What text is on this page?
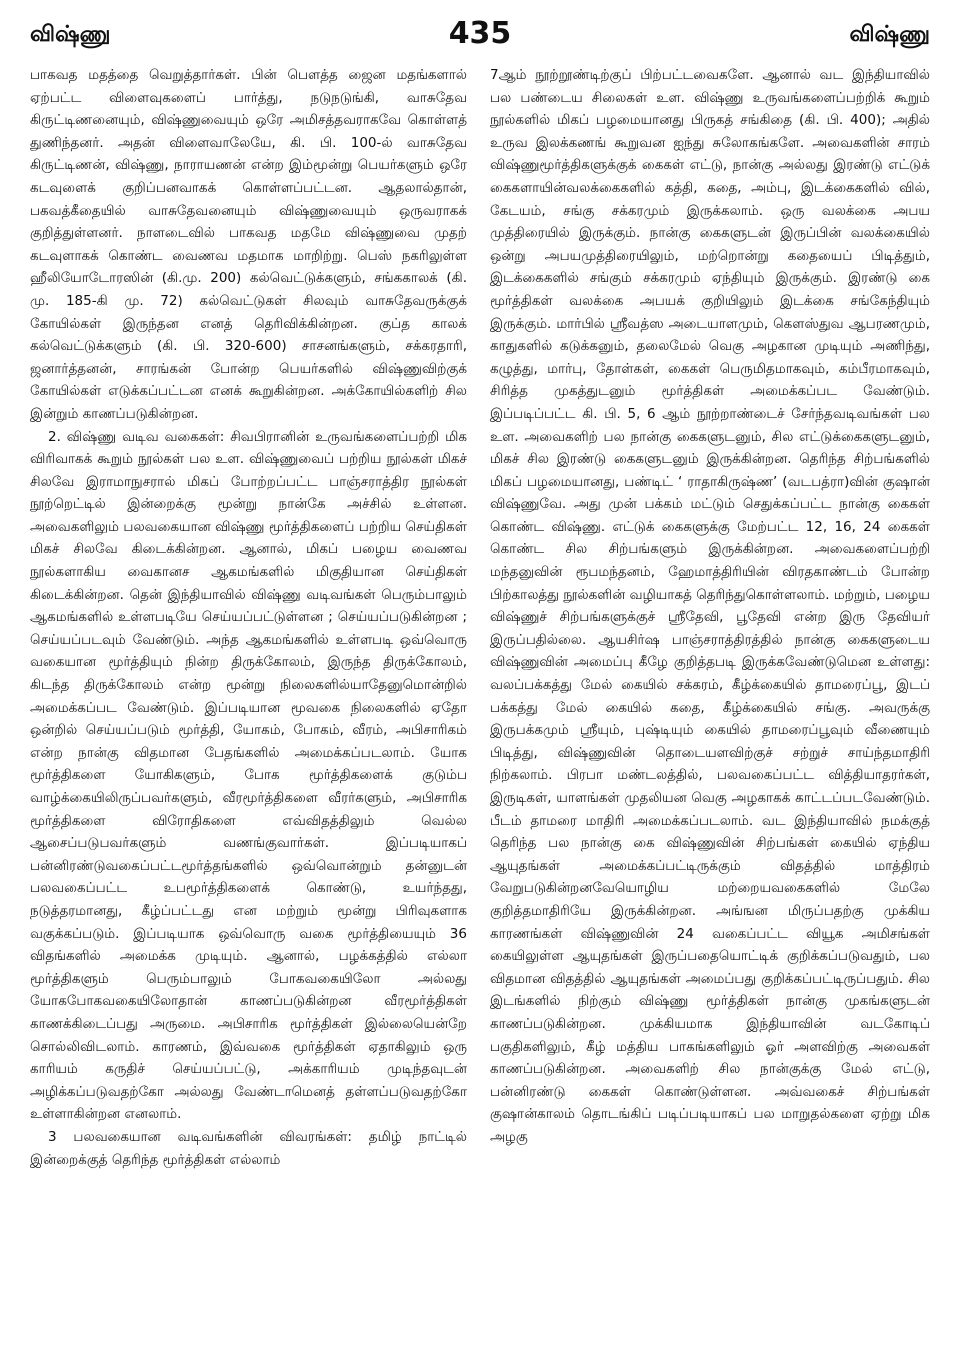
விஷ்ணு	435	விஷ்ணு

பாகவத மதத்தை வெறுத்தார்கள். பின் பௌத்த ஜைன மதங்களால் ஏற்பட்ட விளைவுகளைப் பார்த்து, நடுநடுங்கி, வாசுதேவ கிருட்டிணனையும், விஷ்ணுவையும் ஒரே அமிசத்தவராகவே கொள்ளத் துணிந்தனர். அதன் விளைவாலேயே, கி. பி. 100-ல் வாசுதேவ கிருட்டிணன், விஷ்ணு, நாராயணன் என்ற இம்மூன்று பெயர்களும் ஒரே கடவுளைக் குறிப்பனவாகக் கொள்ளப்பட்டன. ஆதலால்தான், பகவத்கீதையில் வாசுதேவனையும் விஷ்ணுவையும் ஒருவராகக் குறித்துள்ளனர். நாளடைவில் பாகவத மதமே விஷ்ணுவை முதற் கடவுளாகக் கொண்ட வைணவ மதமாக மாறிற்று. பெஸ் நகரிலுள்ள ஹீலியோடோரஸின் (கி.மு. 200) கல்வெட்டுக்களும், சங்ககாலக் (கி. மு. 185-கி மு. 72) கல்வெட்டுகள் சிலவும் வாசுதேவருக்குக் கோயில்கள் இருந்தன எனத் தெரிவிக்கின்றன. குப்த காலக் கல்வெட்டுக்களும் (கி. பி. 320-600) சாசனங்களும், சக்கரதாரி, ஜனார்த்தனன், சாரங்கன் போன்ற பெயர்களில் விஷ்ணுவிற்குக் கோயில்கள் எடுக்கப்பட்டன எனக் கூறுகின்றன. அக்கோயில்களிற் சில இன்றும் காணப்படுகின்றன.

2. விஷ்ணு வடிவ வகைகள்: சிவபிரானின் உருவங்களைப்பற்றி மிக விரிவாகக் கூறும் நூல்கள் பல உள. விஷ்ணுவைப் பற்றிய நூல்கள் மிகச் சிலவே இராமாநுசரால் மிகப் போற்றப்பட்ட பாஞ்சராத்திர நூல்கள் நூற்றெட்டில் இன்றைக்கு மூன்று நான்கே அச்சில் உள்ளன. அவைகளிலும் பலவகையான விஷ்ணு மூர்த்திகளைப் பற்றிய செய்திகள் மிகச் சிலவே கிடைக்கின்றன. ஆனால், மிகப் பழைய வைணவ நூல்களாகிய வைகானச ஆகமங்களில் மிகுதியான செய்திகள் கிடைக்கின்றன. தென் இந்தியாவில் விஷ்ணு வடிவங்கள் பெரும்பாலும் ஆகமங்களில் உள்ளபடியே செய்யப்பட்டுள்ளன ; செய்யப்படுகின்றன ; செய்யப்படவும் வேண்டும். அந்த ஆகமங்களில் உள்ளபடி ஒவ்வொரு வகையான மூர்த்தியும் நின்ற திருக்கோலம், இருந்த திருக்கோலம், கிடந்த திருக்கோலம் என்ற மூன்று நிலைகளில்யாதேனுமொன்றில் அமைக்கப்பட வேண்டும். இப்படியான மூவகை நிலைகளில் ஏதோ ஒன்றில் செய்யப்படும் மூர்த்தி, யோகம், போகம், வீரம், அபிசாரிகம் என்ற நான்கு விதமான பேதங்களில் அமைக்கப்படலாம். யோக மூர்த்திகளை யோகிகளும், போக மூர்த்திகளைக் குடும்ப வாழ்க்கையிலிருப்பவர்களும், வீரமூர்த்திகளை வீரர்களும், அபிசாரிக மூர்த்திகளை விரோதிகளை எவ்விதத்திலும் வெல்ல ஆசைப்படுபவர்களும் வணங்குவார்கள். இப்படியாகப் பன்னிரண்டுவகைப்பட்டமூர்த்தங்களில் ஒவ்வொன்றும் தன்னுடன் பலவகைப்பட்ட உபமூர்த்திகளைக் கொண்டு, உயர்ந்தது, நடுத்தரமானது, கீழ்ப்பட்டது என மற்றும் மூன்று பிரிவுகளாக வகுக்கப்படும். இப்படியாக ஒவ்வொரு வகை மூர்த்தியையும் 36 விதங்களில் அமைக்க முடியும். ஆனால், பழக்கத்தில் எல்லா மூர்த்திகளும் பெரும்பாலும் போகவகையிலோ அல்லது யோகபோகவகையிலோதான் காணப்படுகின்றன வீரமூர்த்திகள் காணக்கிடைப்பது அருமை. அபிசாரிக மூர்த்திகள் இல்லையென்றே சொல்லிவிடலாம். காரணம், இவ்வகை மூர்த்திகள் ஏதாகிலும் ஒரு காரியம் கருதிச் செய்யப்பட்டு, அக்காரியம் முடிந்தவுடன் அழிக்கப்படுவதற்கோ அல்லது வேண்டாமெனத் தள்ளப்படுவதற்கோ உள்ளாகின்றன எனலாம்.

3 பலவகையான வடிவங்களின் விவரங்கள்: தமிழ் நாட்டில் இன்றைக்குத் தெரிந்த மூர்த்திகள் எல்லாம்

7ஆம் நூற்றூண்டிற்குப் பிற்பட்டவைகளே. ஆனால் வட இந்தியாவில் பல பண்டைய சிலைகள் உள. விஷ்ணு உருவங்களைப்பற்றிக் கூறும் நூல்களில் மிகப் பழமையானது பிருகத் சங்கிதை (கி. பி. 400); அதில் உருவ இலக்கணங் கூறுவன ஐந்து சுலோகங்களே. அவைகளின் சாரம் விஷ்ணுமூர்த்திகளுக்குக் கைகள் எட்டு, நான்கு அல்லது இரண்டு எட்டுக் கைகளாயின்வலக்கைகளில் கத்தி, கதை, அம்பு, இடக்கைகளில் வில், கேடயம், சங்கு சக்கரமும் இருக்கலாம். ஒரு வலக்கை அபய முத்திரையில் இருக்கும். நான்கு கைகளுடன் இருப்பின் வலக்கையில் ஒன்று அபயமுத்திரையிலும், மற்றொன்று கதையைப் பிடித்தும், இடக்கைகளில் சங்கும் சக்கரமும் ஏந்தியும் இருக்கும். இரண்டு கை மூர்த்திகள் வலக்கை அபயக் குறியிலும் இடக்கை சங்கேந்தியும் இருக்கும். மார்பில் ஸ்ரீவத்ஸ அடையாளமும், கௌஸ்துவ ஆபரணமும், காதுகளில் கடுக்கனும், தலைமேல் வெகு அழகான முடியும் அணிந்து, கழுத்து, மார்பு, தோள்கள், கைகள் பெருமிதமாகவும், கம்பீரமாகவும், சிரித்த முகத்துடனும் மூர்த்திகள் அமைக்கப்பட வேண்டும். இப்படிப்பட்ட கி. பி. 5, 6 ஆம் நூற்றாண்டைச் சேர்ந்தவடிவங்கள் பல உள. அவைகளிற் பல நான்கு கைகளுடனும், சில எட்டுக்கைகளுடனும், மிகச் சில இரண்டு கைகளுடனும் இருக்கின்றன. தெரிந்த சிற்பங்களில் மிகப் பழமையானது, பண்டிட் ‘ ராதாகிருஷ்ண’ (வடபத்ரா)வின் குஷான் விஷ்ணுவே. அது முன் பக்கம் மட்டும் செதுக்கப்பட்ட நான்கு கைகள் கொண்ட விஷ்ணு. எட்டுக் கைகளுக்கு மேற்பட்ட 12, 16, 24 கைகள் கொண்ட சில சிற்பங்களும் இருக்கின்றன. அவைகளைப்பற்றி மந்தனுவின் ரூபமந்தனம், ஹேமாத்திரியின் விரதகாண்டம் போன்ற பிற்காலத்து நூல்களின் வழியாகத் தெரிந்துகொள்ளலாம். மற்றும், பழைய விஷ்ணுச் சிற்பங்களுக்குச் ஸ்ரீதேவி, பூதேவி என்ற இரு தேவியர் இருப்பதில்லை. ஆயசிர்ஷ பாஞ்சராத்திரத்தில் நான்கு கைகளுடைய விஷ்ணுவின் அமைப்பு கீழே குறித்தபடி இருக்கவேண்டுமென உள்ளது: வலப்பக்கத்து மேல் கையில் சக்கரம், கீழ்க்கையில் தாமரைப்பூ, இடப் பக்கத்து மேல் கையில் கதை, கீழ்க்கையில் சங்கு. அவருக்கு இருபக்கமும் ஸ்ரீயும், புஷ்டியும் கையில் தாமரைப்பூவும் வீணையும் பிடித்து, விஷ்ணுவின் தொடையளவிற்குச் சற்றுச் சாய்ந்தமாதிரி நிற்கலாம். பிரபா மண்டலத்தில், பலவகைப்பட்ட வித்தியாதரர்கள், இருடிகள், யாளங்கள் முதலியன வெகு அழகாகக் காட்டப்படவேண்டும். பீடம் தாமரை மாதிரி அமைக்கப்படலாம். வட இந்தியாவில் நமக்குத் தெரிந்த பல நான்கு கை விஷ்ணுவின் சிற்பங்கள் கையில் ஏந்திய ஆயுதங்கள் அமைக்கப்பட்டிருக்கும் விதத்தில் மாத்திரம் வேறுபடுகின்றனவேயொழிய மற்றையவகைகளில் மேலே குறித்தமாதிரியே இருக்கின்றன. அங்ஙன மிருப்பதற்கு முக்கிய காரணங்கள் விஷ்ணுவின் 24 வகைப்பட்ட வியூக அமிசங்கள் கையிலுள்ள ஆயுதங்கள் இருப்பதையொட்டிக் குறிக்கப்படுவதும், பல விதமான விதத்தில் ஆயுதங்கள் அமைப்பது குறிக்கப்பட்டிருப்பதும். சில இடங்களில் நிற்கும் விஷ்ணு மூர்த்திகள் நான்கு முகங்களுடன் காணப்படுகின்றன. முக்கியமாக இந்தியாவின் வடகோடிப் பகுதிகளிலும், கீழ் மத்திய பாகங்களிலும் ஓர் அளவிற்கு அவைகள் காணப்படுகின்றன. அவைகளிற் சில நான்குக்கு மேல் எட்டு, பன்னிரண்டு கைகள் கொண்டுள்ளன. அவ்வகைச் சிற்பங்கள் குஷான்காலம் தொடங்கிப் படிப்படியாகப் பல மாறுதல்களை ஏற்று மிக அழகு
